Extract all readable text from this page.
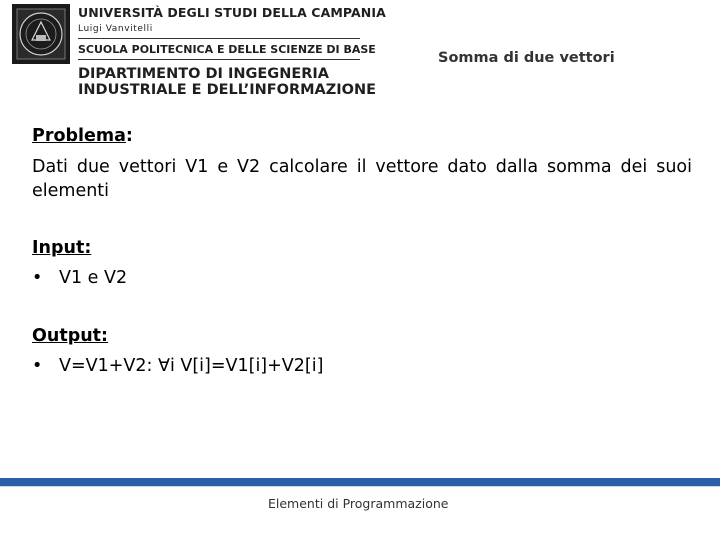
UNIVERSITÀ DEGLI STUDI DELLA CAMPANIA
Luigi Vanvitelli
SCUOLA POLITECNICA E DELLE SCIENZE DI BASE
DIPARTIMENTO DI INGEGNERIA
INDUSTRIALE E DELL’INFORMAZIONE
Somma di due vettori
Problema:
Dati due vettori V1 e V2 calcolare il vettore dato dalla somma dei suoi elementi
Input:
• V1 e V2
Output:
• V=V1+V2: ∀i V[i]=V1[i]+V2[i]
Elementi di Programmazione
